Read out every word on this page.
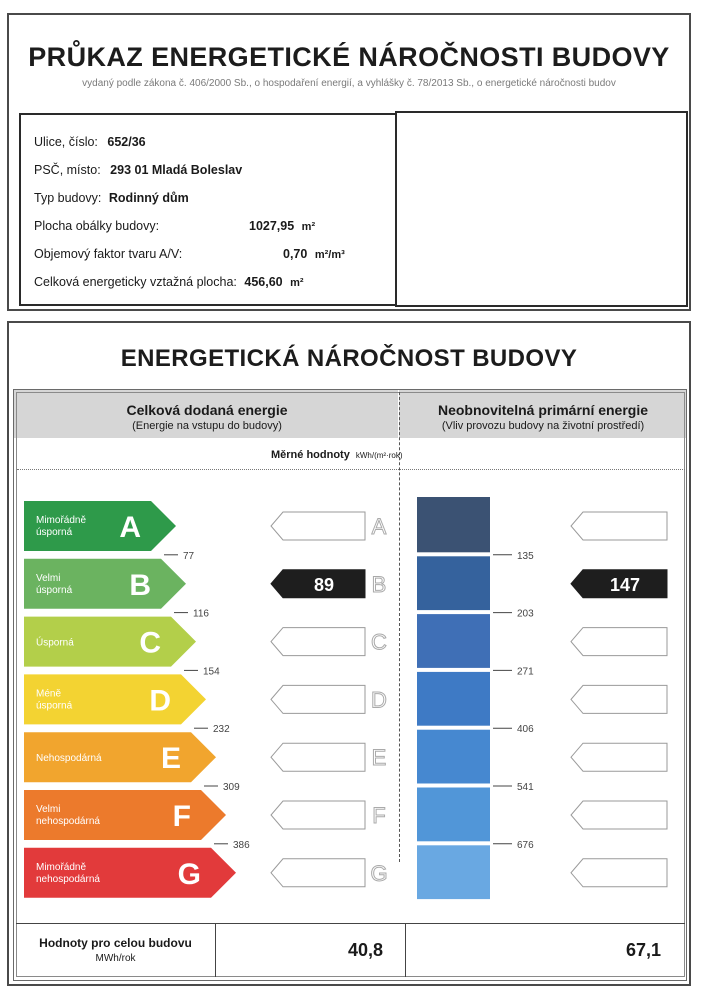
PRŮKAZ ENERGETICKÉ NÁROČNOSTI BUDOVY
vydaný podle zákona č. 406/2000 Sb., o hospodaření energií, a vyhlášky č. 78/2013 Sb., o energetické náročnosti budov
Ulice, číslo: 652/36
PSČ, místo: 293 01 Mladá Boleslav
Typ budovy: Rodinný dům
Plocha obálky budovy:	1027,95 m²
Objemový faktor tvaru A/V:	0,70 m²/m³
Celková energeticky vztažná plocha: 456,60 m²
ENERGETICKÁ NÁROČNOST BUDOVY
Celková dodaná energie
(Energie na vstupu do budovy)
Neobnovitelná primární energie
(Vliv provozu budovy na životní prostředí)
Měrné hodnoty kWh/(m²·rok)
Mimořádně
úsporná A	A
Velmi
úsporná B	89 B	147
Úsporná C	C
Méně
úsporná	D	D
Nehospodárná E	E
Velmi
nehospodárná F	F
Mimořádně
nehospodárná	G	G
77
116
154
232
309
386
135
203
271
406
541
676
Hodnoty pro celou budovu
MWh/rok	40,8	67,1
